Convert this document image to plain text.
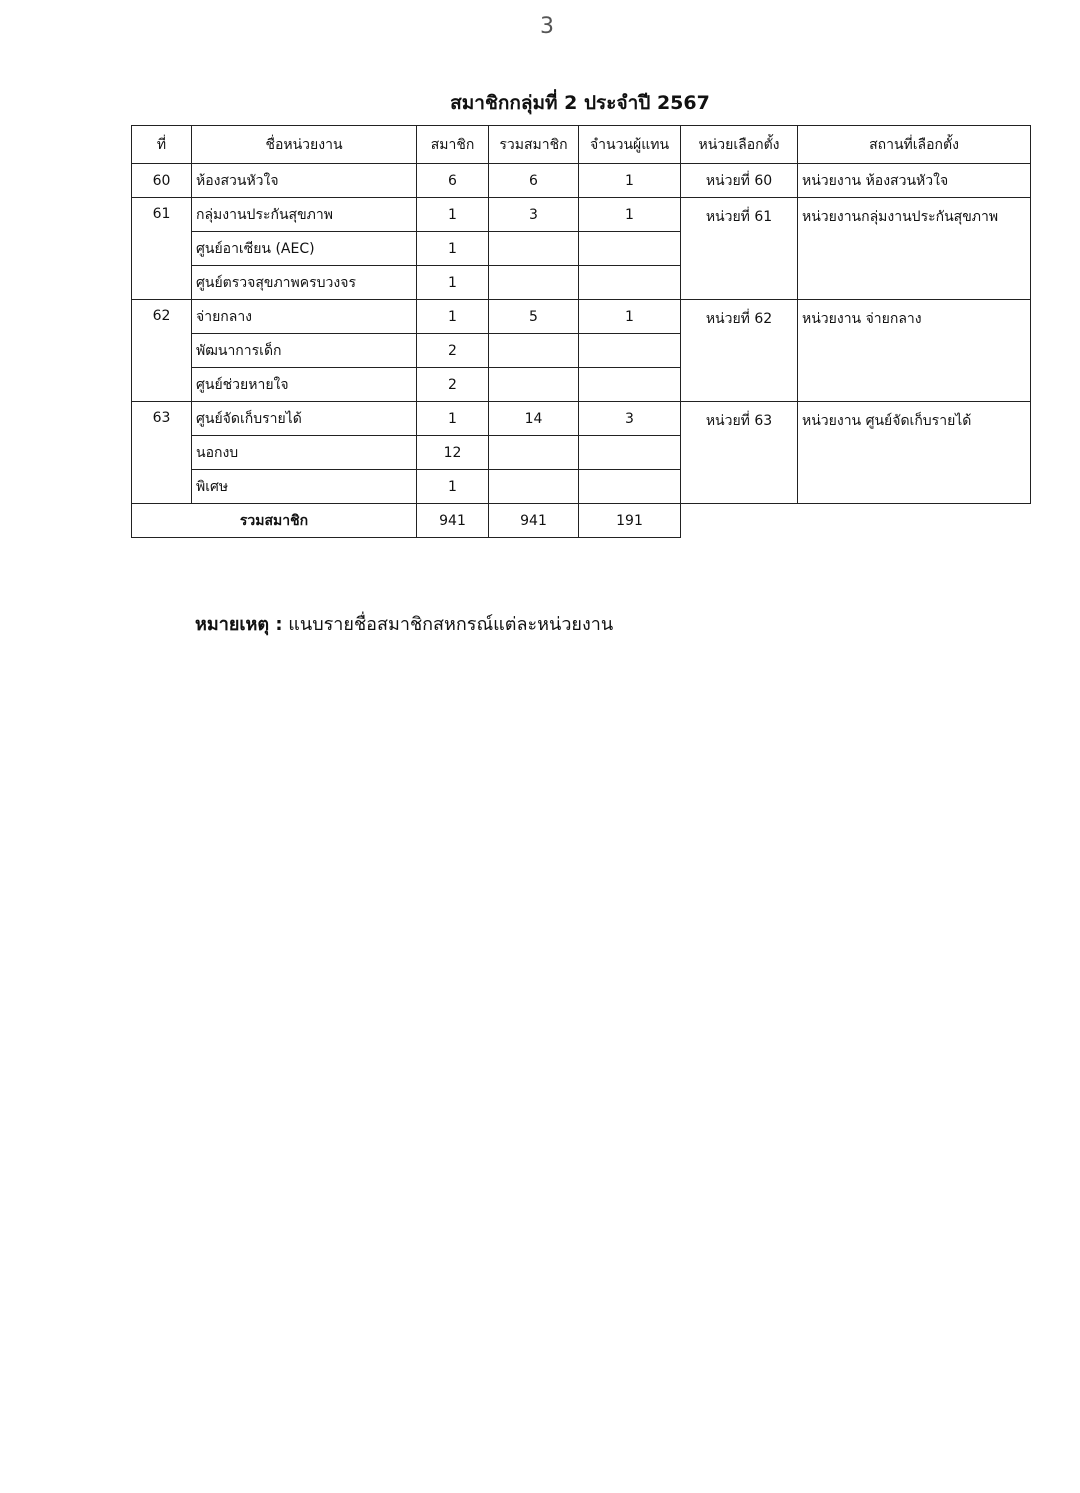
3
สมาชิกกลุ่มที่ 2 ประจำปี 2567
ที่	ชื่อหน่วยงาน	สมาชิก	รวมสมาชิก	จำนวนผู้แทน	หน่วยเลือกตั้ง	สถานที่เลือกตั้ง
60	ห้องสวนหัวใจ	6	6	1	หน่วยที่ 60	หน่วยงาน ห้องสวนหัวใจ
61	กลุ่มงานประกันสุขภาพ	1	3	1	หน่วยที่ 61	หน่วยงานกลุ่มงานประกันสุขภาพ
	ศูนย์อาเซียน (AEC)	1				
	ศูนย์ตรวจสุขภาพครบวงจร	1				
62	จ่ายกลาง	1	5	1	หน่วยที่ 62	หน่วยงาน จ่ายกลาง
	พัฒนาการเด็ก	2				
	ศูนย์ช่วยหายใจ	2				
63	ศูนย์จัดเก็บรายได้	1	14	3	หน่วยที่ 63	หน่วยงาน ศูนย์จัดเก็บรายได้
	นอกงบ	12				
	พิเศษ	1				
รวมสมาชิก		941	941	191		
หมายเหตุ : แนบรายชื่อสมาชิกสหกรณ์แต่ละหน่วยงาน
